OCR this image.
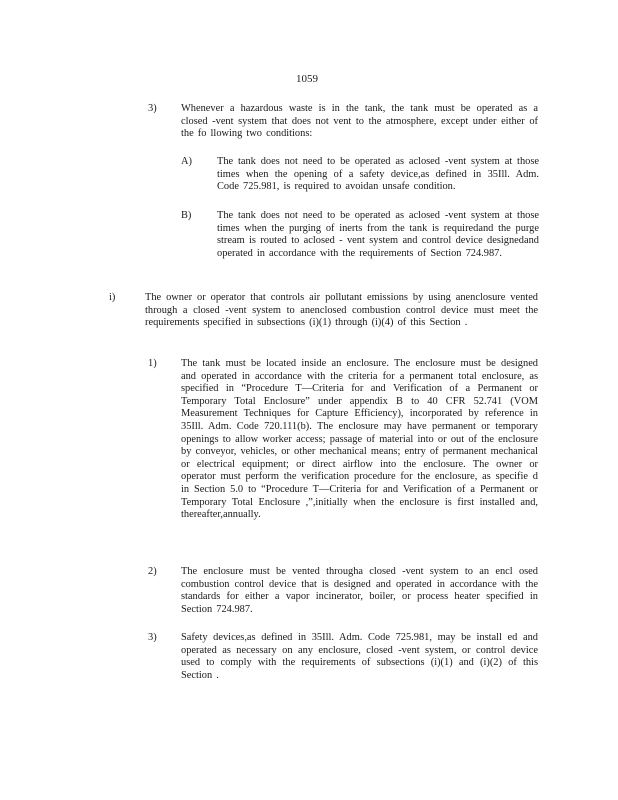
1059
3) Whenever a hazardous waste is in the tank, the tank must be operated as a closed -vent system that does not vent to the atmosphere, except under either of the fo llowing two conditions:
A) The tank does not need to be operated as aclosed -vent system at those times when the opening of a safety device,as defined in 35Ill. Adm. Code 725.981, is required to avoidan unsafe condition.
B) The tank does not need to be operated as aclosed -vent system at those times when the purging of inerts from the tank is requiredand the purge stream is routed to aclosed - vent system and control device designedand operated in accordance with the requirements of Section 724.987.
i)	The owner or operator that controls air pollutant emissions by using anenclosure vented through a closed -vent system to anenclosed combustion control device must meet the requirements specified in subsections (i)(1) through (i)(4) of this Section .
1) The tank must be located inside an enclosure. The enclosure must be designed and operated in accordance with the criteria for a permanent total enclosure, as specified in “Procedure T—Criteria for and Verification of a Permanent or Temporary Total Enclosure” under appendix B to 40 CFR 52.741 (VOM Measurement Techniques for Capture Efficiency), incorporated by reference in 35Ill. Adm. Code 720.111(b). The enclosure may have permanent or temporary openings to allow worker access; passage of material into or out of the enclosure by conveyor, vehicles, or other mechanical means; entry of permanent mechanical or electrical equipment; or direct airflow into the enclosure. The owner or operator must perform the verification procedure for the enclosure, as specifie d in Section 5.0 to “Procedure T—Criteria for and Verification of a Permanent or Temporary Total Enclosure ,”,initially when the enclosure is first installed and, thereafter,annually.
2) The enclosure must be vented througha closed -vent system to an encl osed combustion control device that is designed and operated in accordance with the standards for either a vapor incinerator, boiler, or process heater specified in Section 724.987.
3) Safety devices,as defined in 35Ill. Adm. Code 725.981, may be install ed and operated as necessary on any enclosure, closed -vent system, or control device used to comply with the requirements of subsections (i)(1) and (i)(2) of this Section .
